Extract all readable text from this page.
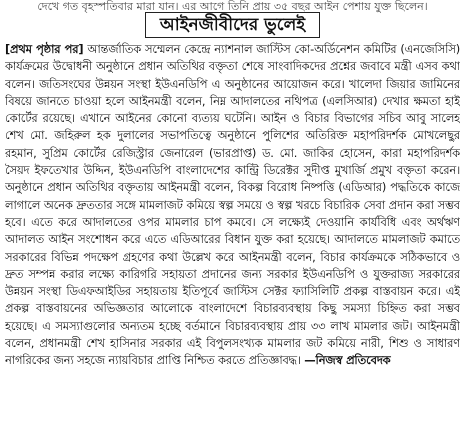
দেখে গত বৃহস্পতিবার মারা যান। এর আগে তিনি প্রায় ৩৫ বছর আইন পেশায় যুক্ত ছিলেন।
আইনজীবীদের ভুলেই

[প্রথম পৃষ্ঠার পর] আন্তর্জাতিক সম্মেলন কেন্দ্রে ন্যাশনাল জাস্টিস কো-অর্ডিনেশন কমিটির (এনজেসিসি) কার্যক্রমের উদ্বোধনী অনুষ্ঠানে প্রধান অতিথির বক্তৃতা শেষে সাংবাদিকদের প্রশ্নের জবাবে মন্ত্রী এসব কথা বলেন। জতিসংঘের উন্নয়ন সংস্থা ইউএনডিপি এ অনুষ্ঠানের আয়োজন করে। খালেদা জিয়ার জামিনের বিষয়ে জানতে চাওয়া হলে আইনমন্ত্রী বলেন, নিম্ন আদালতের নথিপত্র (এলসিআর) দেখার ক্ষমতা হাই কোর্টের রয়েছে। এখানে আইনের কোনো ব্যত্যয় ঘটেনি। আইন ও বিচার বিভাগের সচিব আবু সালেহ শেখ মো. জহিরুল হক দুলালের সভাপতিত্বে অনুষ্ঠানে পুলিশের অতিরিক্ত মহাপরিদর্শক মোখলেছুর রহমান, সুপ্রিম কোর্টের রেজিস্ট্রার জেনারেল (ভারপ্রাপ্ত) ড. মো. জাকির হোসেন, কারা মহাপরিদর্শক সৈয়দ ইফতেখার উদ্দিন, ইউএনডিপি বাংলাদেশের কান্ট্রি ডিরেক্টর সুদীপ্ত মুখার্জি প্রমুখ বক্তৃতা করেন। অনুষ্ঠানে প্রধান অতিথির বক্তৃতায় আইনমন্ত্রী বলেন, বিকল্প বিরোধ নিষ্পত্তি (এডিআর) পদ্ধতিকে কাজে লাগালে অনেক দ্রুততার সঙ্গে মামলাজট কমিয়ে স্বল্প সময়ে ও স্বল্প খরচে বিচারিক সেবা প্রদান করা সম্ভব হবে। এতে করে আদালতের ওপর মামলার চাপ কমবে। সে লক্ষ্যেই দেওয়ানি কার্যবিধি এবং অর্থঋণ আদালত আইন সংশোধন করে এতে এডিআরের বিধান যুক্ত করা হয়েছে। আদালতে মামলাজট কমাতে সরকারের বিভিন্ন পদক্ষেপ গ্রহণের কথা উল্লেখ করে আইনমন্ত্রী বলেন, বিচার কার্যক্রমকে সঠিকভাবে ও দ্রুত সম্পন্ন করার লক্ষ্যে কারিগরি সহায়তা প্রদানের জন্য সরকার ইউএনডিপি ও যুক্তরাজ্য সরকারের উন্নয়ন সংস্থা ডিএফআইডির সহায়তায় ইতিপূর্বে জাস্টিস সেক্টর ফ্যাসিলিটি প্রকল্প বাস্তবায়ন করে। এই প্রকল্প বাস্তবায়নের অভিজ্ঞতার আলোকে বাংলাদেশে বিচারব্যবস্থায় কিছু সমস্যা চিহ্নিত করা সম্ভব হয়েছে। এ সমস্যাগুলোর অন্যতম হচ্ছে বর্তমানে বিচারব্যবস্থায় প্রায় ৩৩ লাখ মামলার জট। আইনমন্ত্রী বলেন, প্রধানমন্ত্রী শেখ হাসিনার সরকার এই বিপুলসংখ্যক মামলার জট কমিয়ে নারী, শিশু ও সাধারণ নাগরিকের জন্য সহজে ন্যায়বিচার প্রাপ্তি নিশ্চিত করতে প্রতিজ্ঞাবদ্ধ। —নিজস্ব প্রতিবেদক
